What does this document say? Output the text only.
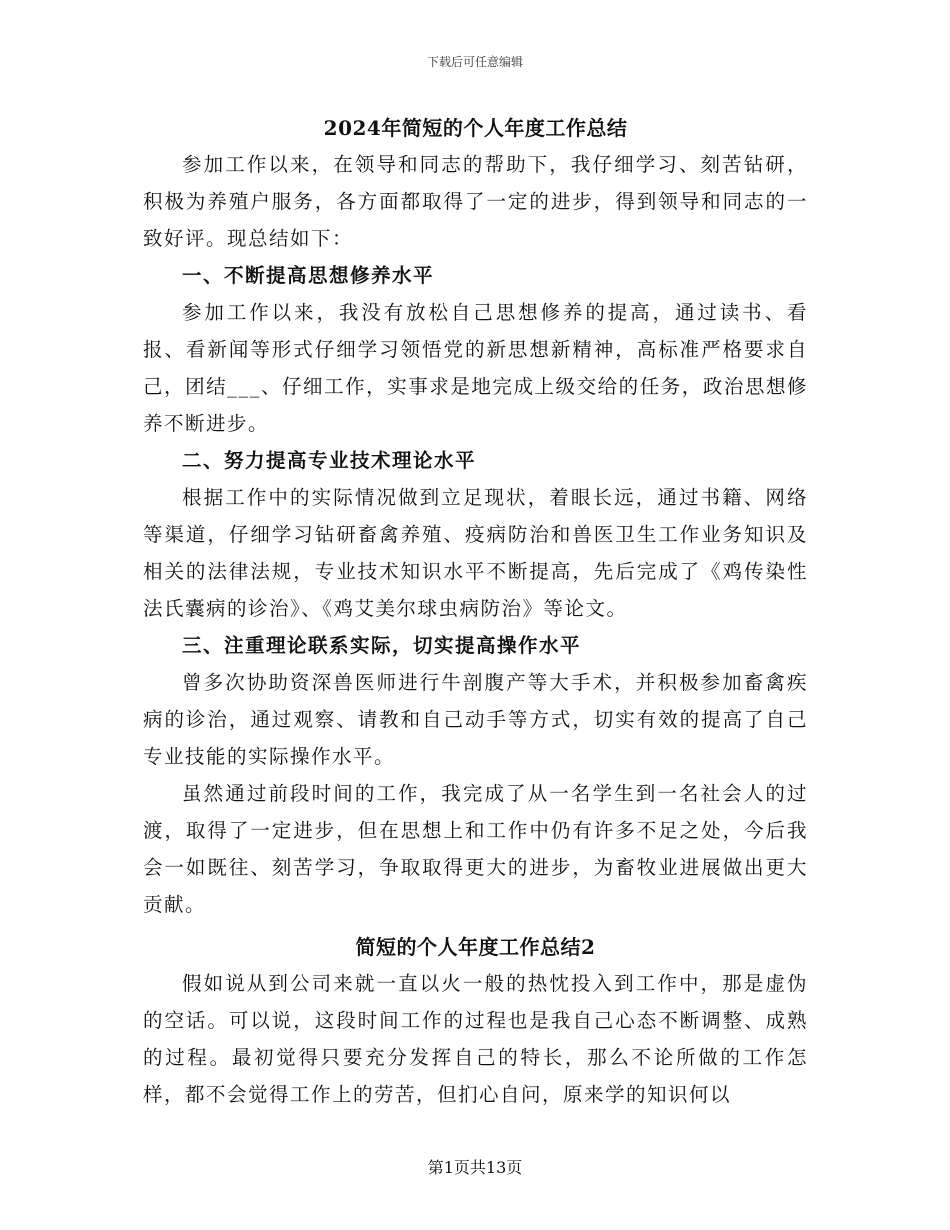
下载后可任意编辑
2024年简短的个人年度工作总结

参加工作以来，在领导和同志的帮助下，我仔细学习、刻苦钻研，积极为养殖户服务，各方面都取得了一定的进步，得到领导和同志的一致好评。现总结如下：

一、不断提高思想修养水平

参加工作以来，我没有放松自己思想修养的提高，通过读书、看报、看新闻等形式仔细学习领悟党的新思想新精神，高标准严格要求自己，团结___、仔细工作，实事求是地完成上级交给的任务，政治思想修养不断进步。

二、努力提高专业技术理论水平

根据工作中的实际情况做到立足现状，着眼长远，通过书籍、网络等渠道，仔细学习钻研畜禽养殖、疫病防治和兽医卫生工作业务知识及相关的法律法规，专业技术知识水平不断提高，先后完成了《鸡传染性法氏囊病的诊治》、《鸡艾美尔球虫病防治》等论文。

三、注重理论联系实际，切实提高操作水平

曾多次协助资深兽医师进行牛剖腹产等大手术，并积极参加畜禽疾病的诊治，通过观察、请教和自己动手等方式，切实有效的提高了自己专业技能的实际操作水平。

虽然通过前段时间的工作，我完成了从一名学生到一名社会人的过渡，取得了一定进步，但在思想上和工作中仍有许多不足之处，今后我会一如既往、刻苦学习，争取取得更大的进步，为畜牧业进展做出更大贡献。

简短的个人年度工作总结2

假如说从到公司来就一直以火一般的热忱投入到工作中，那是虚伪的空话。可以说，这段时间工作的过程也是我自己心态不断调整、成熟的过程。最初觉得只要充分发挥自己的特长，那么不论所做的工作怎样，都不会觉得工作上的劳苦，但扪心自问，原来学的知识何以

第1页共13页
